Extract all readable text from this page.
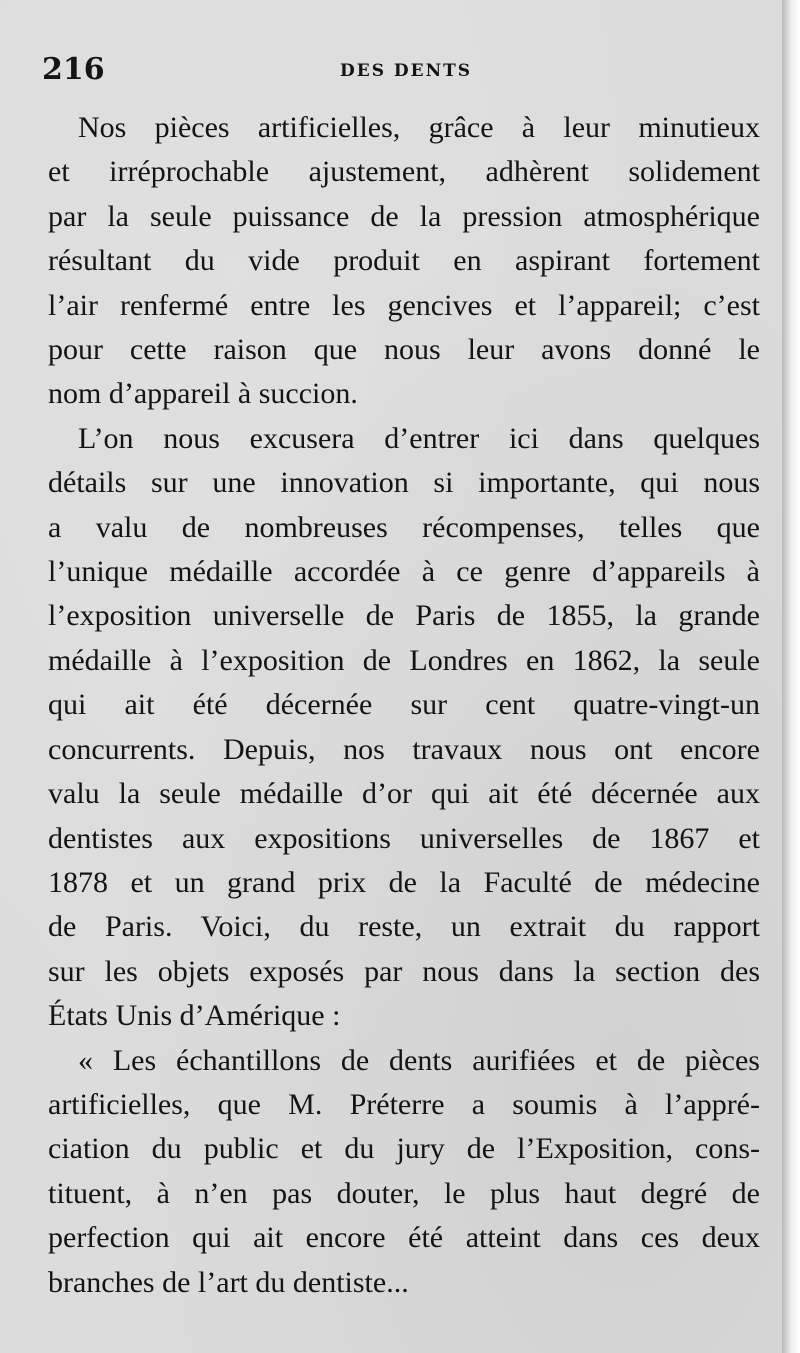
216	DES DENTS
Nos pièces artificielles, grâce à leur minutieux
et irréprochable ajustement, adhèrent solidement
par la seule puissance de la pression atmosphérique
résultant du vide produit en aspirant fortement
l’air renfermé entre les gencives et l’appareil; c’est
pour cette raison que nous leur avons donné le
nom d’appareil à succion.
L’on nous excusera d’entrer ici dans quelques
détails sur une innovation si importante, qui nous
a valu de nombreuses récompenses, telles que
l’unique médaille accordée à ce genre d’appareils à
l’exposition universelle de Paris de 1855, la grande
médaille à l’exposition de Londres en 1862, la seule
qui ait été décernée sur cent quatre-vingt-un
concurrents. Depuis, nos travaux nous ont encore
valu la seule médaille d’or qui ait été décernée aux
dentistes aux expositions universelles de 1867 et
1878 et un grand prix de la Faculté de médecine
de Paris. Voici, du reste, un extrait du rapport
sur les objets exposés par nous dans la section des
États Unis d’Amérique :
« Les échantillons de dents aurifiées et de pièces
artificielles, que M. Préterre a soumis à l’appré-
ciation du public et du jury de l’Exposition, cons-
tituent, à n’en pas douter, le plus haut degré de
perfection qui ait encore été atteint dans ces deux
branches de l’art du dentiste...
